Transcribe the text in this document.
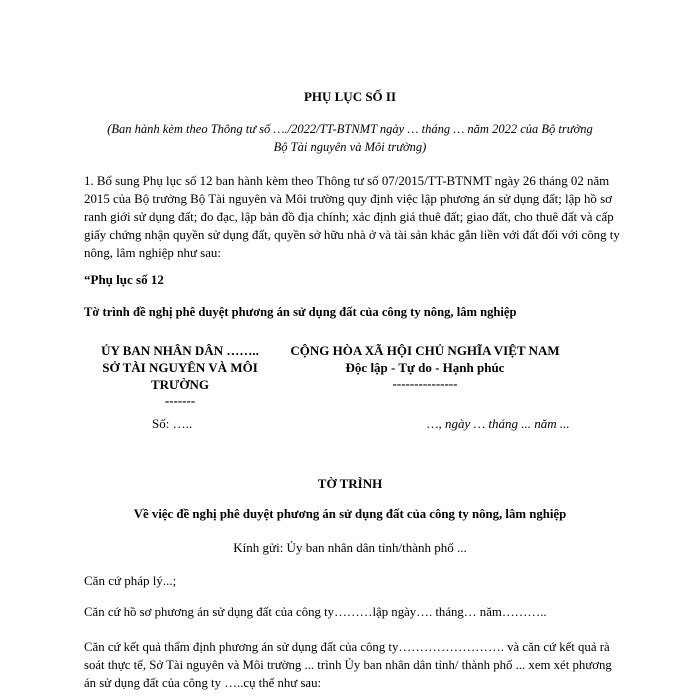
PHỤ LỤC SỐ II

(Ban hành kèm theo Thông tư số …./2022/TT-BTNMT ngày … tháng … năm 2022 của Bộ trưởng

Bộ Tài nguyên và Môi trường)

1. Bổ sung Phụ lục số 12 ban hành kèm theo Thông tư số 07/2015/TT-BTNMT ngày 26 tháng 02 năm 2015 của Bộ trưởng Bộ Tài nguyên và Môi trường quy định việc lập phương án sử dụng đất; lập hồ sơ ranh giới sử dụng đất; đo đạc, lập bản đồ địa chính; xác định giá thuê đất; giao đất, cho thuê đất và cấp giấy chứng nhận quyền sử dụng đất, quyền sở hữu nhà ở và tài sản khác gắn liền với đất đối với công ty nông, lâm nghiệp như sau:

“Phụ lục số 12

Tờ trình đề nghị phê duyệt phương án sử dụng đất của công ty nông, lâm nghiệp

ỦY BAN NHÂN DÂN ……..

SỞ TÀI NGUYÊN VÀ MÔI

TRƯỜNG

-------

Số: …..

CỘNG HÒA XÃ HỘI CHỦ NGHĨA VIỆT NAM

Độc lập - Tự do - Hạnh phúc

---------------

…, ngày … tháng ... năm ...

TỜ TRÌNH

Về việc đề nghị phê duyệt phương án sử dụng đất của công ty nông, lâm nghiệp

Kính gửi: Ủy ban nhân dân tỉnh/thành phố ...

Căn cứ pháp lý...;

Căn cứ hồ sơ phương án sử dụng đất của công ty………lập ngày…. tháng… năm………..

Căn cứ kết quả thẩm định phương án sử dụng đất của công ty……………………. và căn cứ kết quả rà soát thực tế, Sở Tài nguyên và Môi trường ... trình Ủy ban nhân dân tỉnh/ thành phố ... xem xét phương án sử dụng đất của công ty …..cụ thể như sau:
